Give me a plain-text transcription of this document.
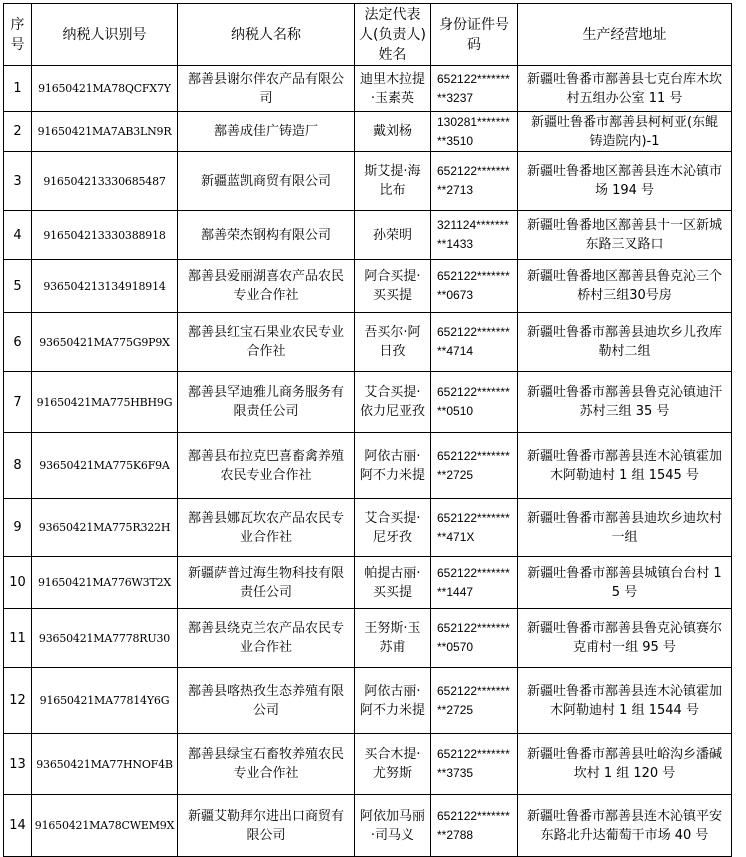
序号	纳税人识别号	纳税人名称	法定代表人(负责人)姓名	身份证件号码	生产经营地址
1	91650421MA78QCFX7Y	鄯善县谢尔伴农产品有限公司	迪里木拉提·玉素英	652122*********3237	新疆吐鲁番市鄯善县七克台库木坎村五组办公室 11 号
2	91650421MA7AB3LN9R	鄯善成佳广铸造厂	戴刘杨	130281*********3510	新疆吐鲁番市鄯善县柯柯亚(东鲲铸造院内)-1
3	916504213330685487	新疆蓝凯商贸有限公司	斯艾提·海比布	652122*********2713	新疆吐鲁番地区鄯善县连木沁镇市场 194 号
4	916504213330388918	鄯善荣杰钢构有限公司	孙荣明	321124*********1433	新疆吐鲁番地区鄯善县十一区新城东路三叉路口
5	936504213134918914	鄯善县爱丽湖喜农产品农民专业合作社	阿合买提·买买提	652122*********0673	新疆吐鲁番地区鄯善县鲁克沁三个桥村三组30号房
6	93650421MA775G9P9X	鄯善县红宝石果业农民专业合作社	吾买尔·阿日孜	652122*********4714	新疆吐鲁番市鄯善县迪坎乡儿孜库勒村二组
7	91650421MA775HBH9G	鄯善县罕迪雅儿商务服务有限责任公司	艾合买提·依力尼亚孜	652122*********0510	新疆吐鲁番市鄯善县鲁克沁镇迪汗苏村三组 35 号
8	93650421MA775K6F9A	鄯善县布拉克巴喜畜禽养殖农民专业合作社	阿依古丽·阿不力米提	652122*********2725	新疆吐鲁番市鄯善县连木沁镇霍加木阿勒迪村 1 组 1545 号
9	93650421MA775R322H	鄯善县娜瓦坎农产品农民专业合作社	艾合买提·尼牙孜	652122*********471X	新疆吐鲁番市鄯善县迪坎乡迪坎村一组
10	91650421MA776W3T2X	新疆萨普过海生物科技有限责任公司	帕提古丽·买买提	652122*********1447	新疆吐鲁番市鄯善县城镇台台村 15 号
11	93650421MA7778RU30	鄯善县绕克兰农产品农民专业合作社	王努斯·玉苏甫	652122*********0570	新疆吐鲁番市鄯善县鲁克沁镇赛尔克甫村一组 95 号
12	91650421MA77814Y6G	鄯善县喀热孜生态养殖有限公司	阿依古丽·阿不力米提	652122*********2725	新疆吐鲁番市鄯善县连木沁镇霍加木阿勒迪村 1 组 1544 号
13	93650421MA77HNOF4B	鄯善县绿宝石畜牧养殖农民专业合作社	买合木提·尤努斯	652122*********3735	新疆吐鲁番市鄯善县吐峪沟乡潘碱坎村 1 组 120 号
14	91650421MA78CWEM9X	新疆艾勒拜尔进出口商贸有限公司	阿依加马丽·司马义	652122*********2788	新疆吐鲁番市鄯善县连木沁镇平安东路北升达葡萄干市场 40 号
